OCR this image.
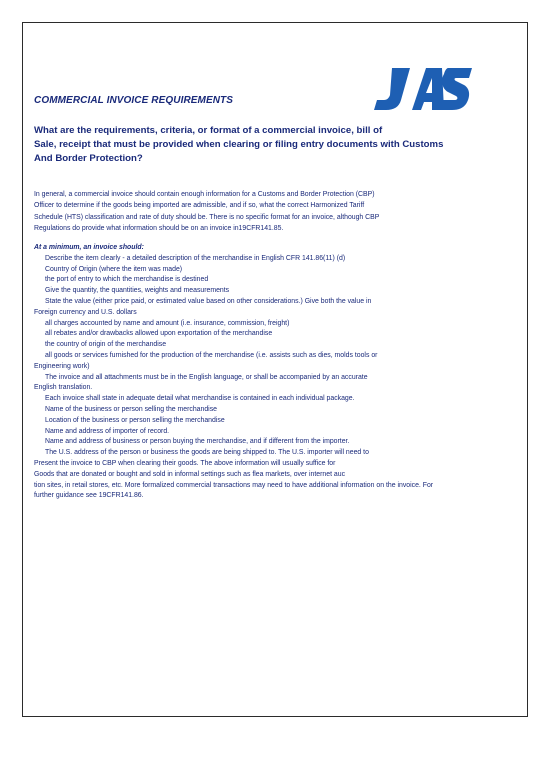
COMMERCIAL INVOICE REQUIREMENTS
What are the requirements, criteria, or format of a commercial invoice, bill of
Sale, receipt that must be provided when clearing or filing entry documents with Customs
And Border Protection?
In general, a commercial invoice should contain enough information for a Customs and Border Protection (CBP)
Officer to determine if the goods being imported are admissible, and if so, what the correct Harmonized Tariff
Schedule (HTS) classification and rate of duty should be. There is no specific format for an invoice, although CBP
Regulations do provide what information should be on an invoice in19CFR141.85.
At a minimum, an invoice should:
Describe the item clearly - a detailed description of the merchandise in English CFR 141.86(11) (d)
Country of Origin (where the item was made)
the port of entry to which the merchandise is destined
Give the quantity, the quantities, weights and measurements
State the value (either price paid, or estimated value based on other considerations.) Give both the value in
Foreign currency and U.S. dollars
all charges accounted by name and amount (i.e. insurance, commission, freight)
all rebates and/or drawbacks allowed upon exportation of the merchandise
the country of origin of the merchandise
all goods or services furnished for the production of the merchandise (i.e. assists such as dies, molds tools or
Engineering work)
The invoice and all attachments must be in the English language, or shall be accompanied by an accurate
English translation.
Each invoice shall state in adequate detail what merchandise is contained in each individual package.
Name of the business or person selling the merchandise
Location of the business or person selling the merchandise
Name and address of importer of record.
Name and address of business or person buying the merchandise, and if different from the importer.
The U.S. address of the person or business the goods are being shipped to. The U.S. importer will need to
Present the invoice to CBP when clearing their goods. The above information will usually suffice for
Goods that are donated or bought and sold in informal settings such as flea markets, over internet auc
tion sites, in retail stores, etc. More formalized commercial transactions may need to have additional information on the invoice. For
further guidance see 19CFR141.86.
